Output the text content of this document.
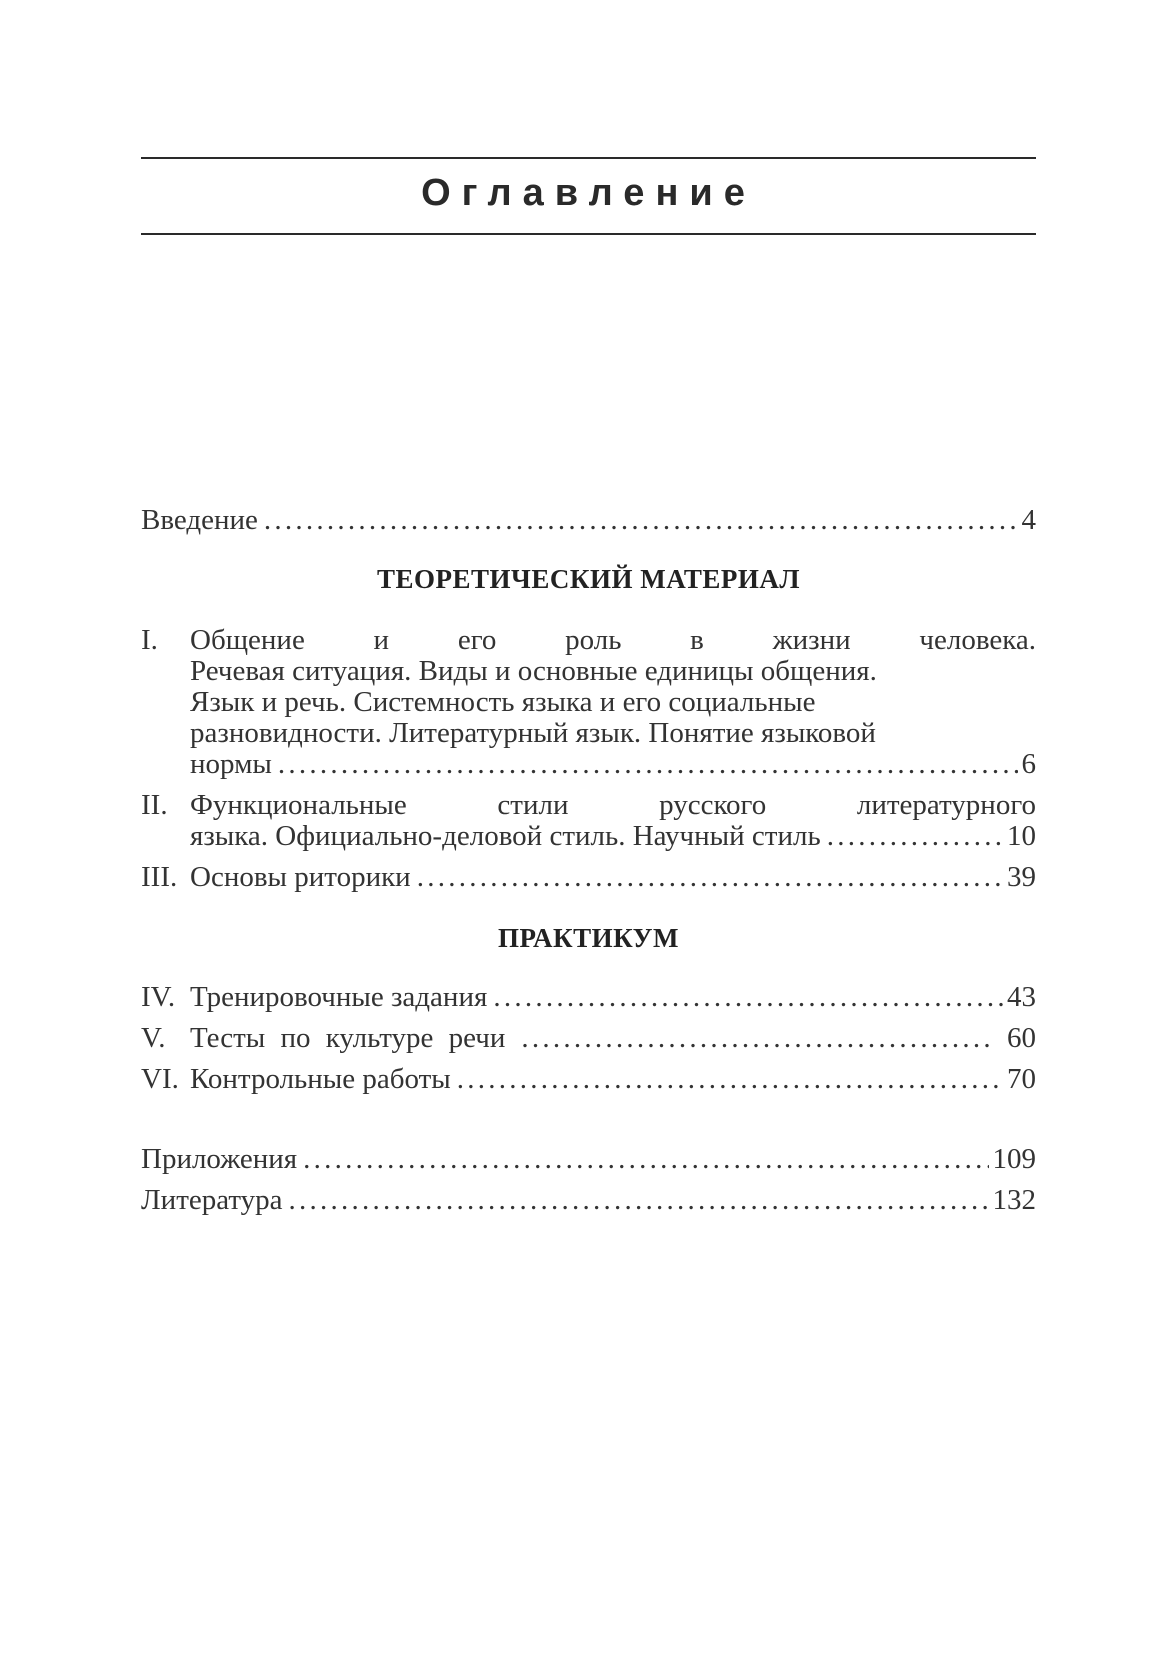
Оглавление
Введение . . .	4
ТЕОРЕТИЧЕСКИЙ МАТЕРИАЛ
I.	Общение и его роль в жизни человека.
Речевая ситуация. Виды и основные единицы общения.
Язык и речь. Системность языка и его социальные
разновидности. Литературный язык. Понятие языковой
нормы . . .	6
II. Функциональные стили русского литературного
языка. Официально-деловой стиль. Научный стиль . . .	10
III. Основы риторики . . .	39
ПРАКТИКУМ
IV. Тренировочные задания . . .	43
V. Тесты по культуре речи . . .	60
VI. Контрольные работы . . .	70
Приложения . . .	109
Литература . . .	132
